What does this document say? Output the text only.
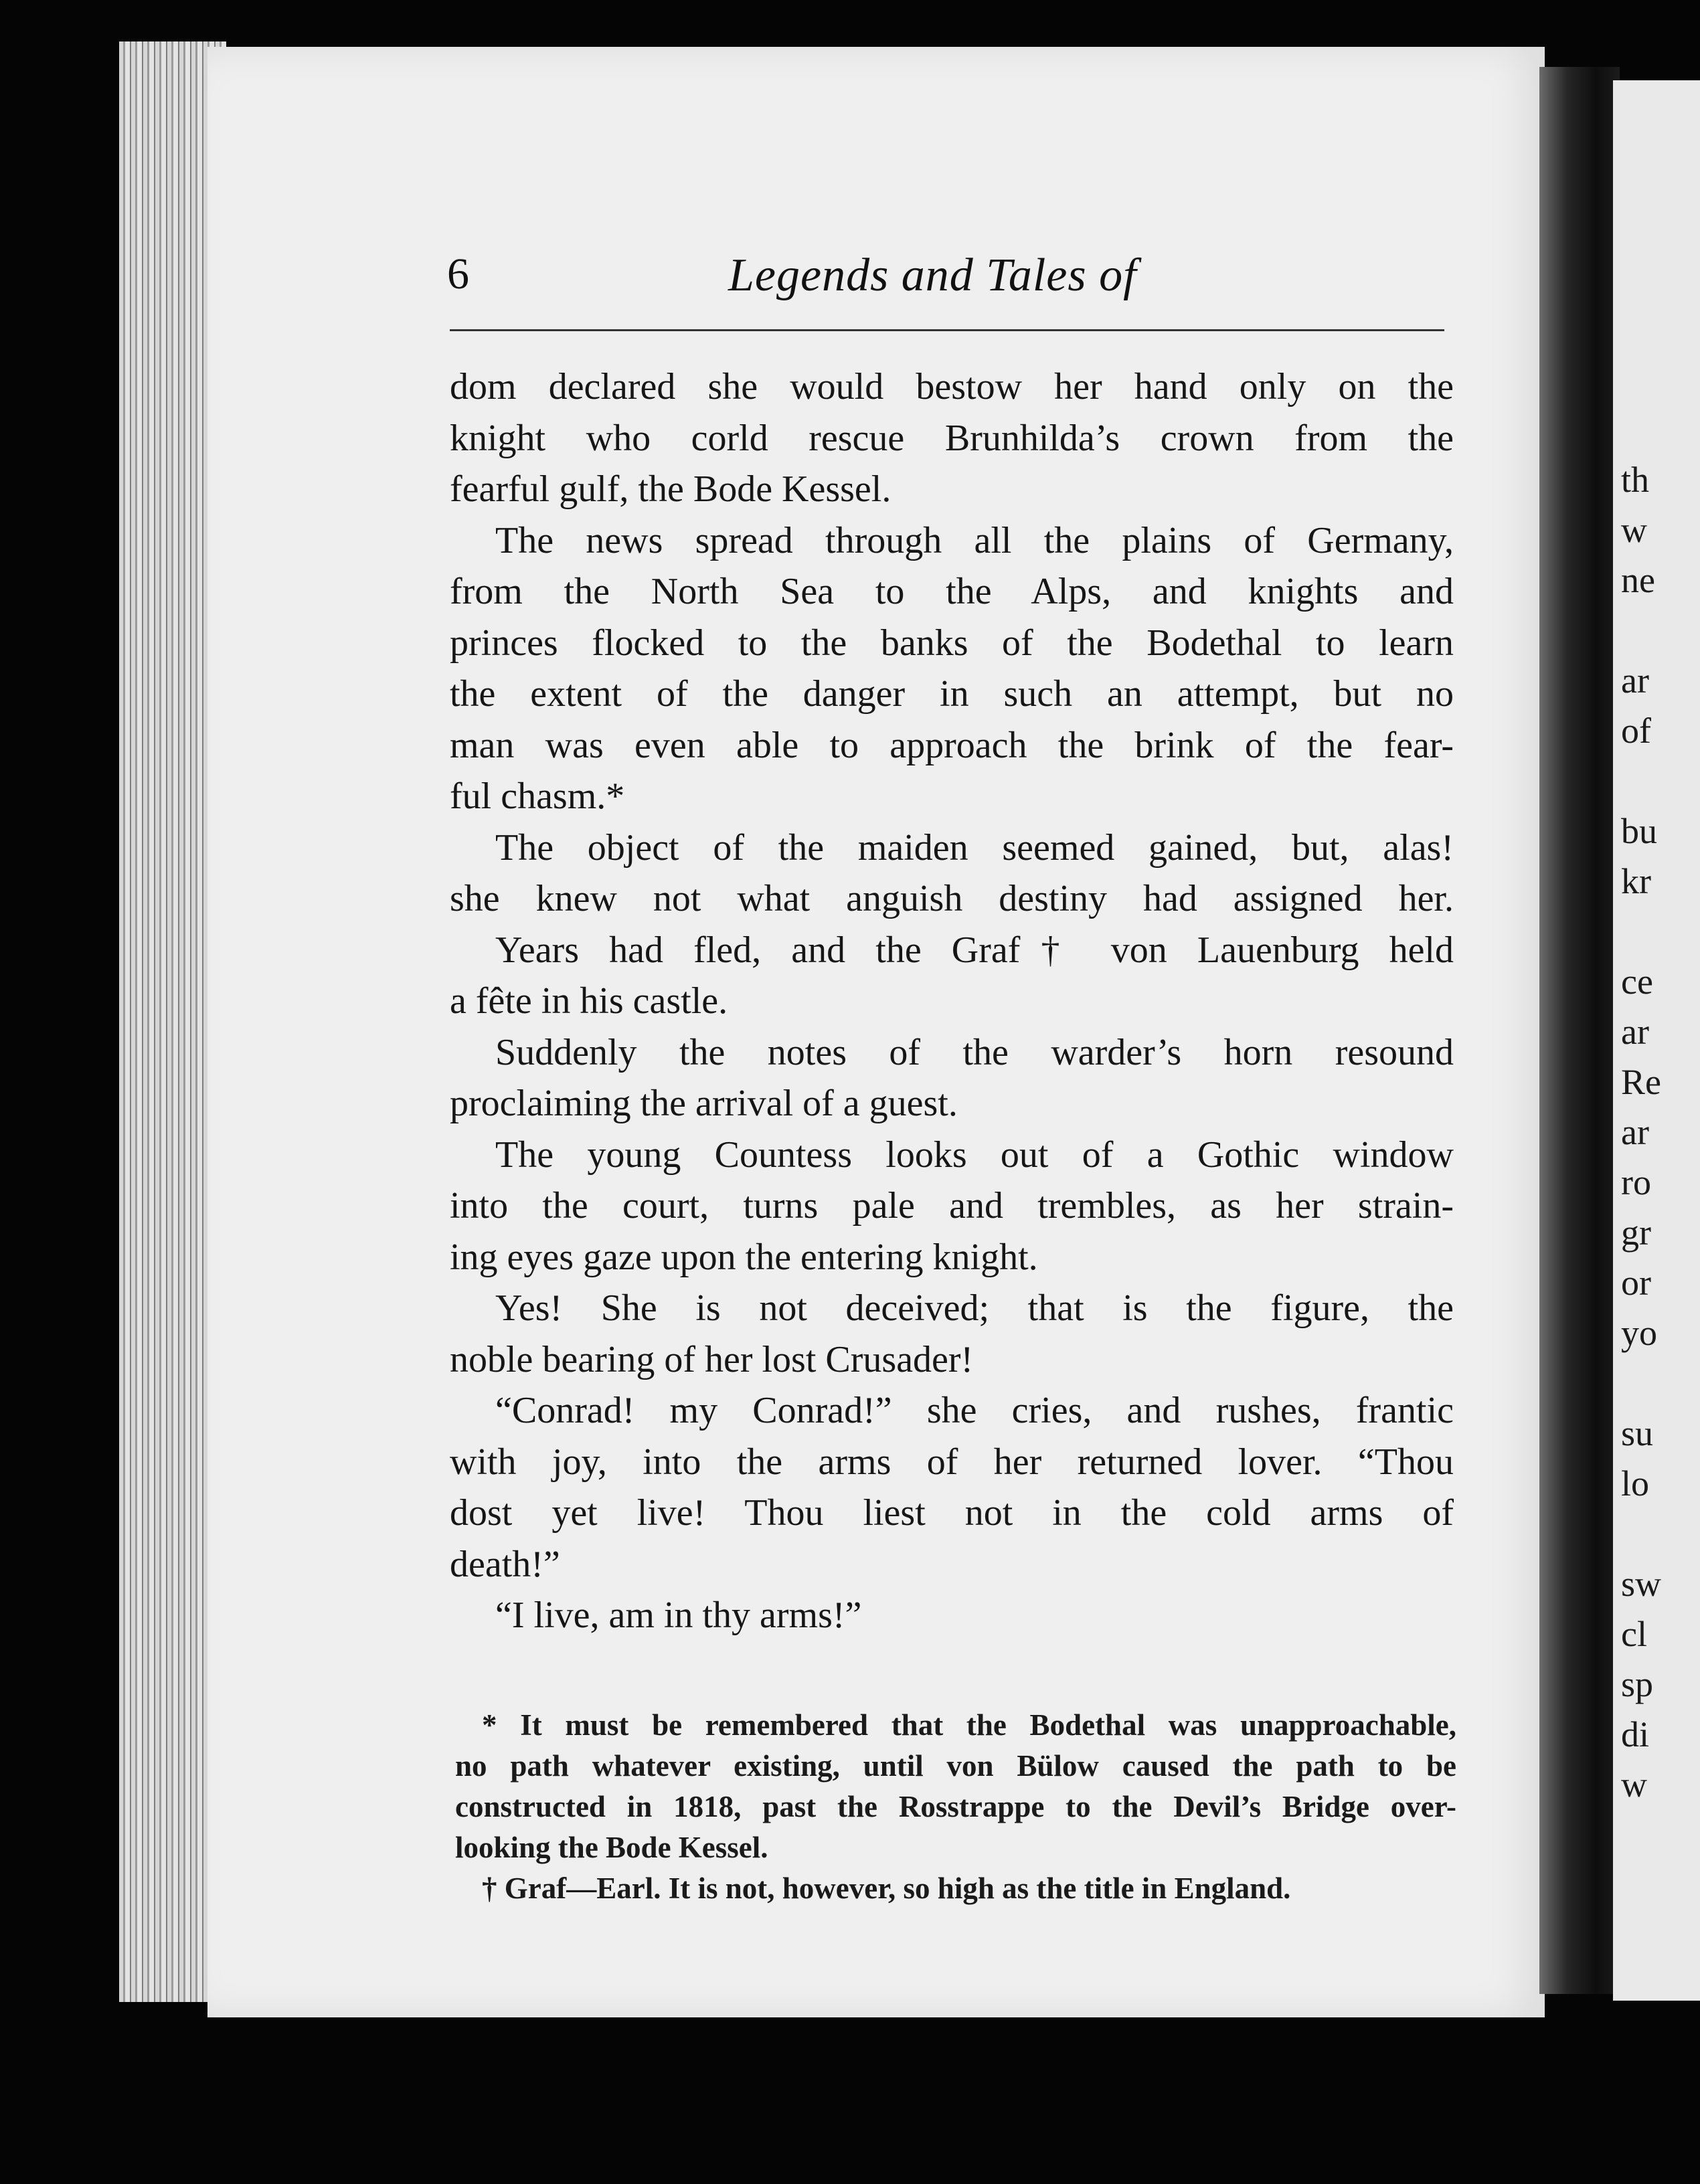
th
w
ne
ar
of
bu
kr
ce
ar
Re
ar
ro
gr
or
yo
su
lo
sw
cl
sp
di
w
6	Legends and Tales of
dom declared she would bestow her hand only on the
knight who corld rescue Brunhilda’s crown from the
fearful gulf, the Bode Kessel.
The news spread through all the plains of Germany,
from the North Sea to the Alps, and knights and
princes flocked to the banks of the Bodethal to learn
the extent of the danger in such an attempt, but no
man was even able to approach the brink of the fear-
ful chasm.*
The object of the maiden seemed gained, but, alas!
she knew not what anguish destiny had assigned her.
Years had fled, and the Graf† von Lauenburg held
a fête in his castle.
Suddenly the notes of the warder’s horn resound
proclaiming the arrival of a guest.
The young Countess looks out of a Gothic window
into the court, turns pale and trembles, as her strain-
ing eyes gaze upon the entering knight.
Yes! She is not deceived; that is the figure, the
noble bearing of her lost Crusader!
“Conrad! my Conrad!” she cries, and rushes, frantic
with joy, into the arms of her returned lover. “Thou
dost yet live! Thou liest not in the cold arms of
death!”
“I live, am in thy arms!”
* It must be remembered that the Bodethal was unapproachable,
no path whatever existing, until von Bülow caused the path to be
constructed in 1818, past the Rosstrappe to the Devil’s Bridge over-
looking the Bode Kessel.
† Graf—Earl. It is not, however, so high as the title in England.
